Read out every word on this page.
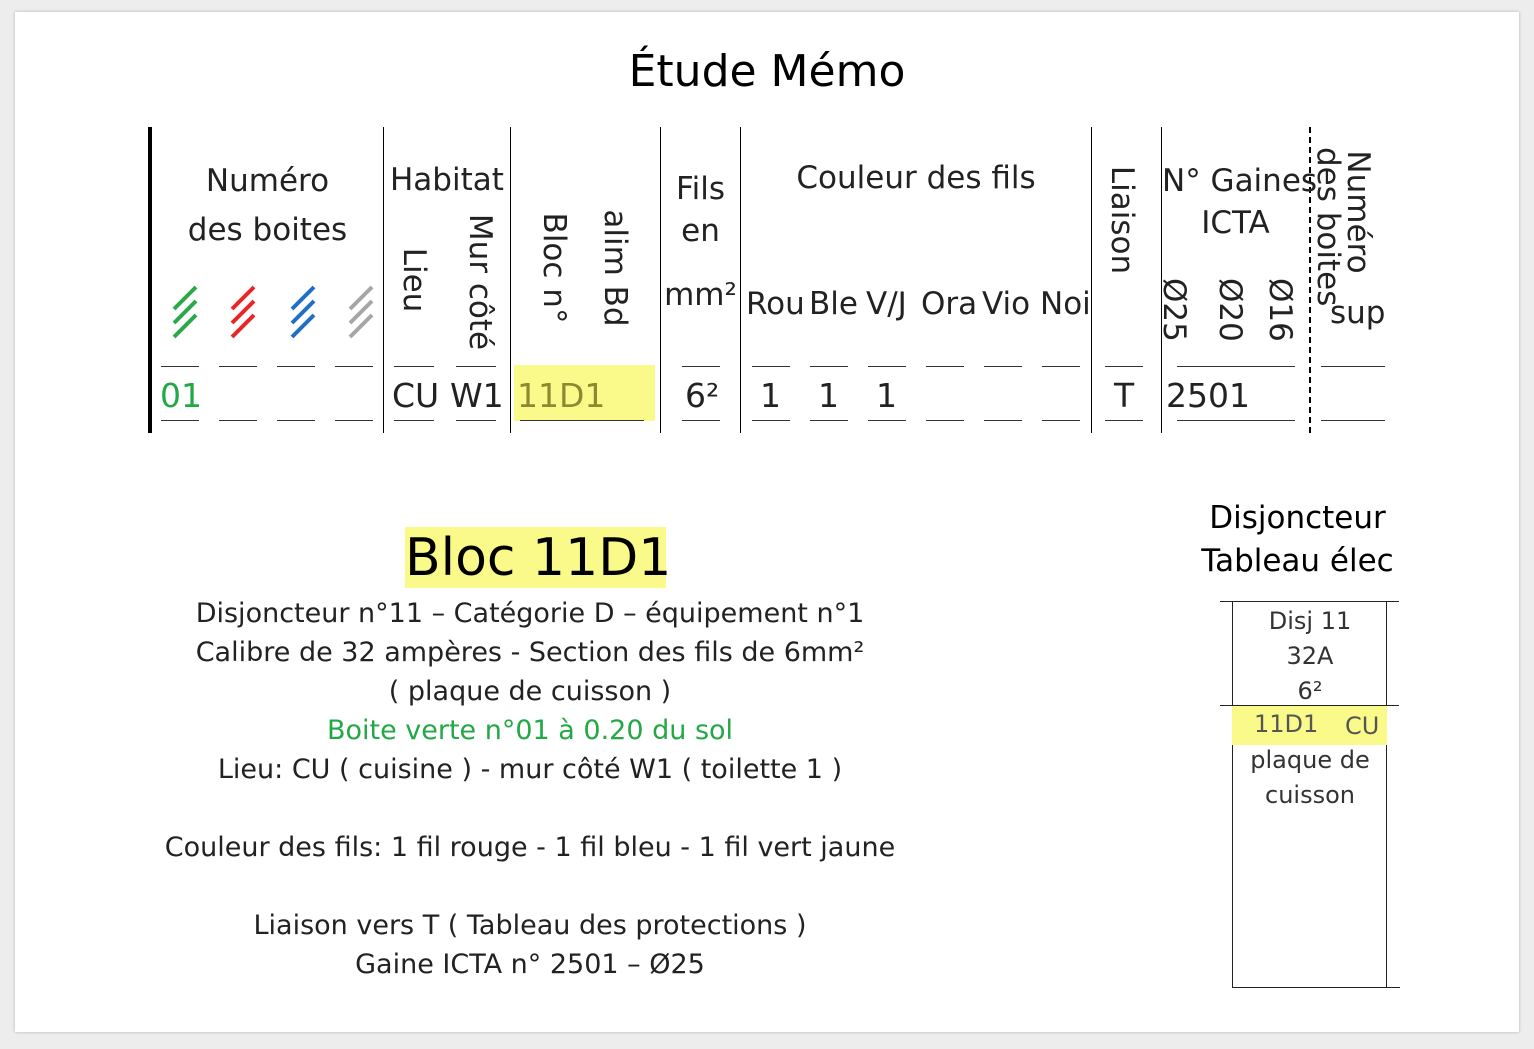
Étude Mémo
Numéro
des boites
Habitat
Lieu Mur côté Bloc n° alim Bd
Fils
en
mm²
Couleur des fils
Rou Ble V/J Ora Vio Noi
Liaison N° Gaines
ICTA
Ø25 Ø20 Ø16
Numéro
des boites
sup
01	CU W1 11D1 6² 1 1 1	T 2501
Bloc 11D1
Disjoncteur n°11 – Catégorie D – équipement n°1
Calibre de 32 ampères - Section des fils de 6mm²
( plaque de cuisson )
Boite verte n°01 à 0.20 du sol
Lieu: CU ( cuisine ) - mur côté W1 ( toilette 1 )
Couleur des fils: 1 fil rouge - 1 fil bleu - 1 fil vert jaune
Liaison vers T ( Tableau des protections )
Gaine ICTA n° 2501 – Ø25
Disjoncteur
Tableau élec
Disj 11
32A
6²
11D1 CU
plaque de
cuisson
